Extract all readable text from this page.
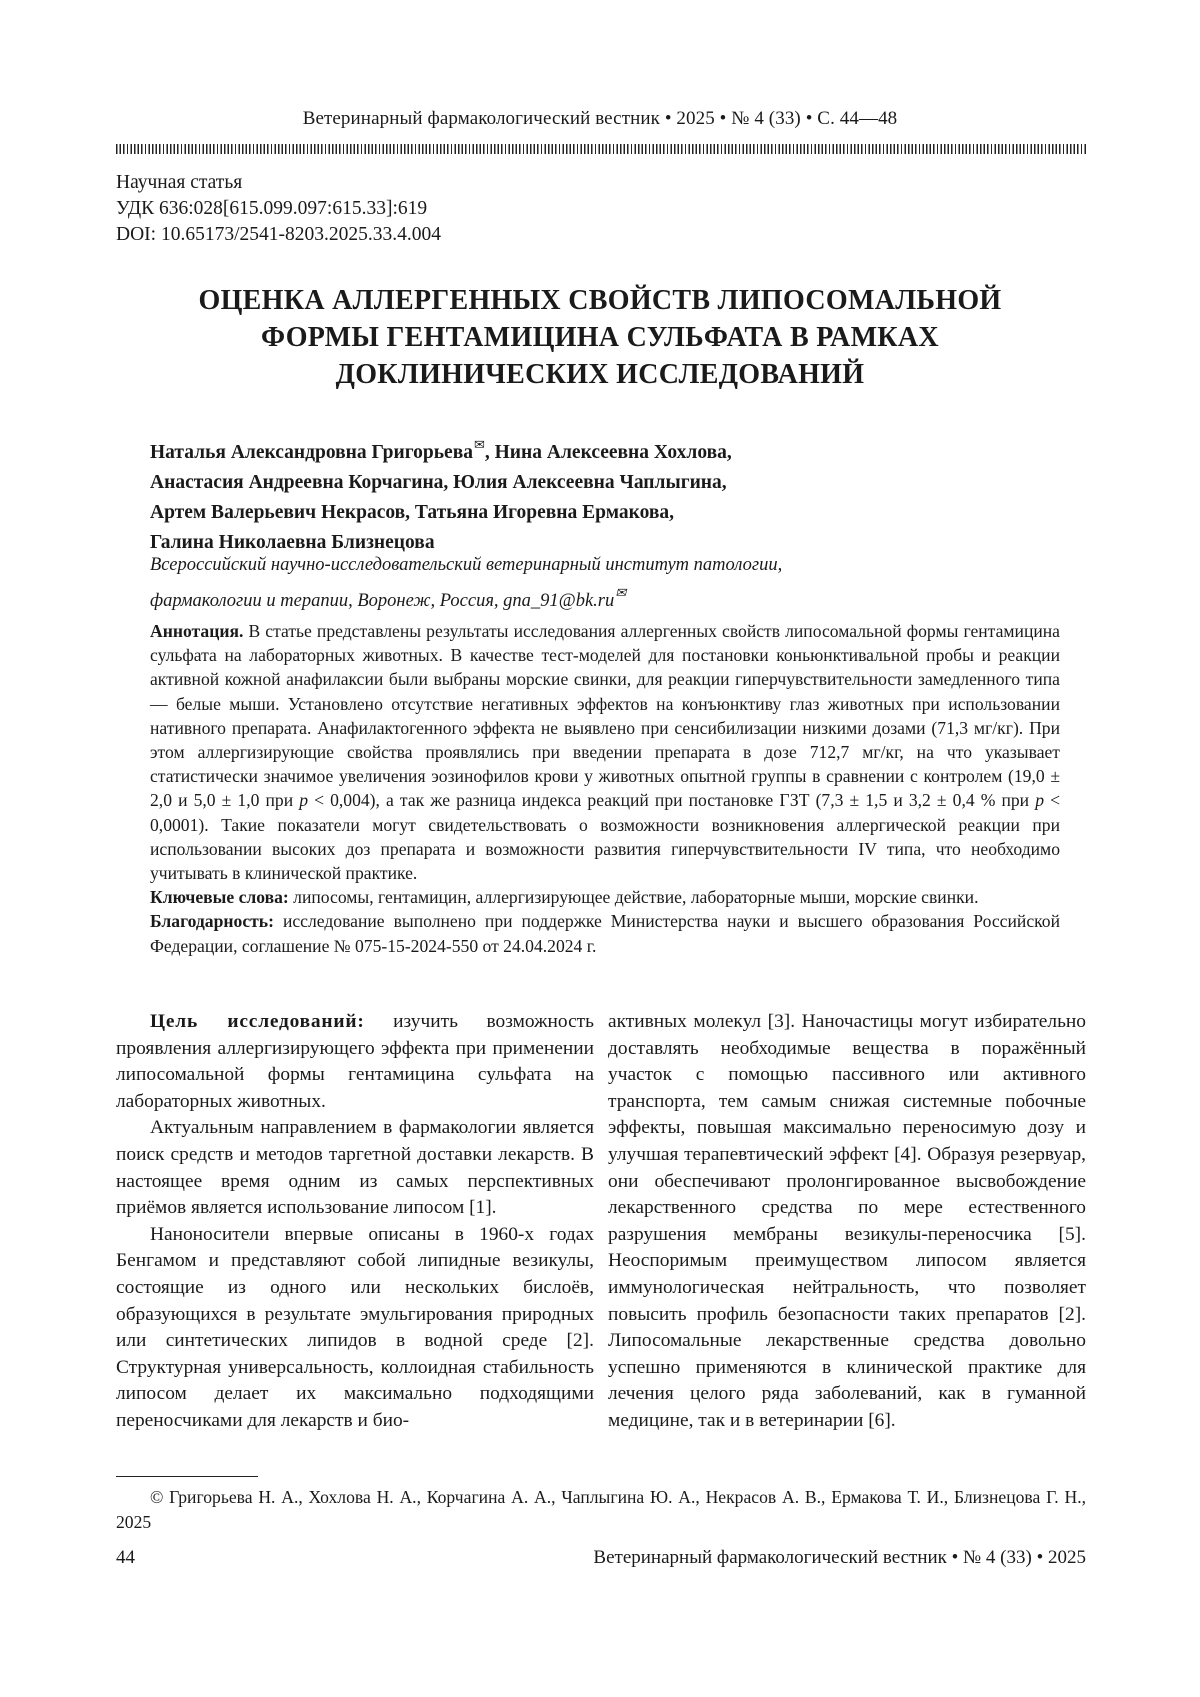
Ветеринарный фармакологический вестник • 2025 • № 4 (33) • С. 44—48
Научная статья
УДК 636:028[615.099.097:615.33]:619
DOI: 10.65173/2541-8203.2025.33.4.004
ОЦЕНКА АЛЛЕРГЕННЫХ СВОЙСТВ ЛИПОСОМАЛЬНОЙ
ФОРМЫ ГЕНТАМИЦИНА СУЛЬФАТА В РАМКАХ
ДОКЛИНИЧЕСКИХ ИССЛЕДОВАНИЙ
Наталья Александровна Григорьева✉, Нина Алексеевна Хохлова,
Анастасия Андреевна Корчагина, Юлия Алексеевна Чаплыгина,
Артем Валерьевич Некрасов, Татьяна Игоревна Ермакова,
Галина Николаевна Близнецова
Всероссийский научно-исследовательский ветеринарный институт патологии,
фармакологии и терапии, Воронеж, Россия, gna_91@bk.ru✉

Аннотация. В статье представлены результаты исследования аллергенных свойств липосомальной формы гентамицина сульфата на лабораторных животных. В качестве тест-моделей для постановки коньюнктивальной пробы и реакции активной кожной анафилаксии были выбраны морские свинки, для реакции гиперчувствительности замедленного типа — белые мыши. Установлено отсутствие негативных эффектов на конъюнктиву глаз животных при использовании нативного препарата. Анафилактогенного эффекта не выявлено при сенсибилизации низкими дозами (71,3 мг/кг). При этом аллергизирующие свойства проявлялись при введении препарата в дозе 712,7 мг/кг, на что указывает статистически значимое увеличения эозинофилов крови у животных опытной группы в сравнении с контролем (19,0 ± 2,0 и 5,0 ± 1,0 при p < 0,004), а так же разница индекса реакций при постановке ГЗТ (7,3 ± 1,5 и 3,2 ± 0,4 % при p < 0,0001). Такие показатели могут свидетельствовать о возможности возникновения аллергической реакции при использовании высоких доз препарата и возможности развития гиперчувствительности IV типа, что необходимо учитывать в клинической практике.

Ключевые слова: липосомы, гентамицин, аллергизирующее действие, лабораторные мыши, морские свинки.

Благодарность: исследование выполнено при поддержке Министерства науки и высшего образования Российской Федерации, соглашение № 075-15-2024-550 от 24.04.2024 г.

Цель исследований: изучить возможность проявления аллергизирующего эффекта при применении липосомальной формы гентамицина сульфата на лабораторных животных.

Актуальным направлением в фармакологии является поиск средств и методов таргетной доставки лекарств. В настоящее время одним из самых перспективных приёмов является использование липосом [1].

Наноносители впервые описаны в 1960-х годах Бенгамом и представляют собой липидные везикулы, состоящие из одного или нескольких бислоёв, образующихся в результате эмульгирования природных или синтетических липидов в водной среде [2]. Структурная универсальность, коллоидная стабильность липосом делает их максимально подходящими переносчиками для лекарств и био-

активных молекул [3]. Наночастицы могут избирательно доставлять необходимые вещества в поражённый участок с помощью пассивного или активного транспорта, тем самым снижая системные побочные эффекты, повышая максимально переносимую дозу и улучшая терапевтический эффект [4]. Образуя резервуар, они обеспечивают пролонгированное высвобождение лекарственного средства по мере естественного разрушения мембраны везикулы-переносчика [5]. Неоспоримым преимуществом липосом является иммунологическая нейтральность, что позволяет повысить профиль безопасности таких препаратов [2]. Липосомальные лекарственные средства довольно успешно применяются в клинической практике для лечения целого ряда заболеваний, как в гуманной медицине, так и в ветеринарии [6].

© Григорьева Н. А., Хохлова Н. А., Корчагина А. А., Чаплыгина Ю. А., Некрасов А. В., Ермакова Т. И., Близнецова Г. Н., 2025

44	Ветеринарный фармакологический вестник • № 4 (33) • 2025
